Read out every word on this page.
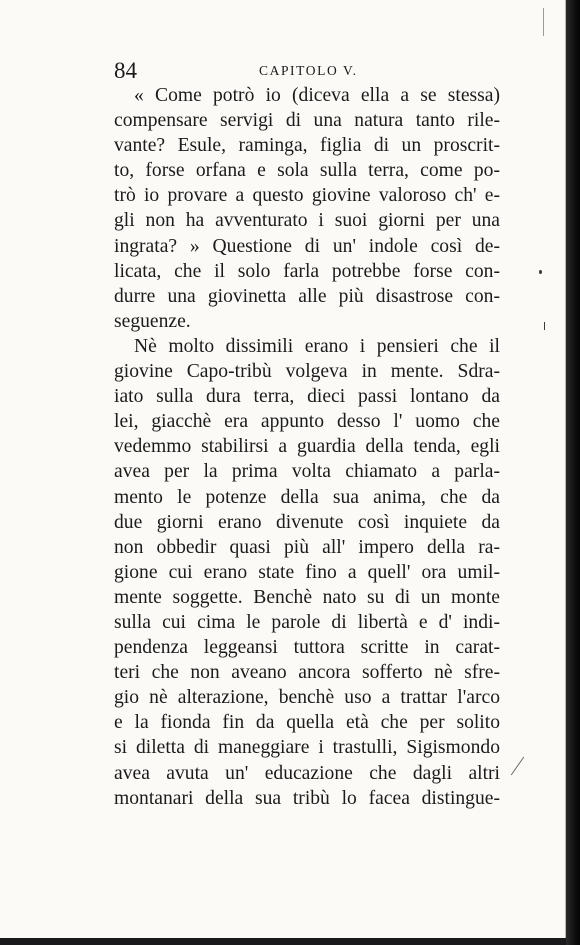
84	CAPITOLO V.
« Come potrò io (diceva ella a se stessa)
compensare servigi di una natura tanto rile-
vante? Esule, raminga, figlia di un proscrit-
to, forse orfana e sola sulla terra, come po-
trò io provare a questo giovine valoroso ch' e-
gli non ha avventurato i suoi giorni per una
ingrata? » Questione di un' indole così de-
licata, che il solo farla potrebbe forse con-
durre una giovinetta alle più disastrose con-
seguenze.
Nè molto dissimili erano i pensieri che il
giovine Capo-tribù volgeva in mente. Sdra-
iato sulla dura terra, dieci passi lontano da
lei, giacchè era appunto desso l' uomo che
vedemmo stabilirsi a guardia della tenda, egli
avea per la prima volta chiamato a parla-
mento le potenze della sua anima, che da
due giorni erano divenute così inquiete da
non obbedir quasi più all' impero della ra-
gione cui erano state fino a quell' ora umil-
mente soggette. Benchè nato su di un monte
sulla cui cima le parole di libertà e d' indi-
pendenza leggeansi tuttora scritte in carat-
teri che non aveano ancora sofferto nè sfre-
gio nè alterazione, benchè uso a trattar l'arco
e la fionda fin da quella età che per solito
si diletta di maneggiare i trastulli, Sigismondo
avea avuta un' educazione che dagli altri
montanari della sua tribù lo facea distingue-
